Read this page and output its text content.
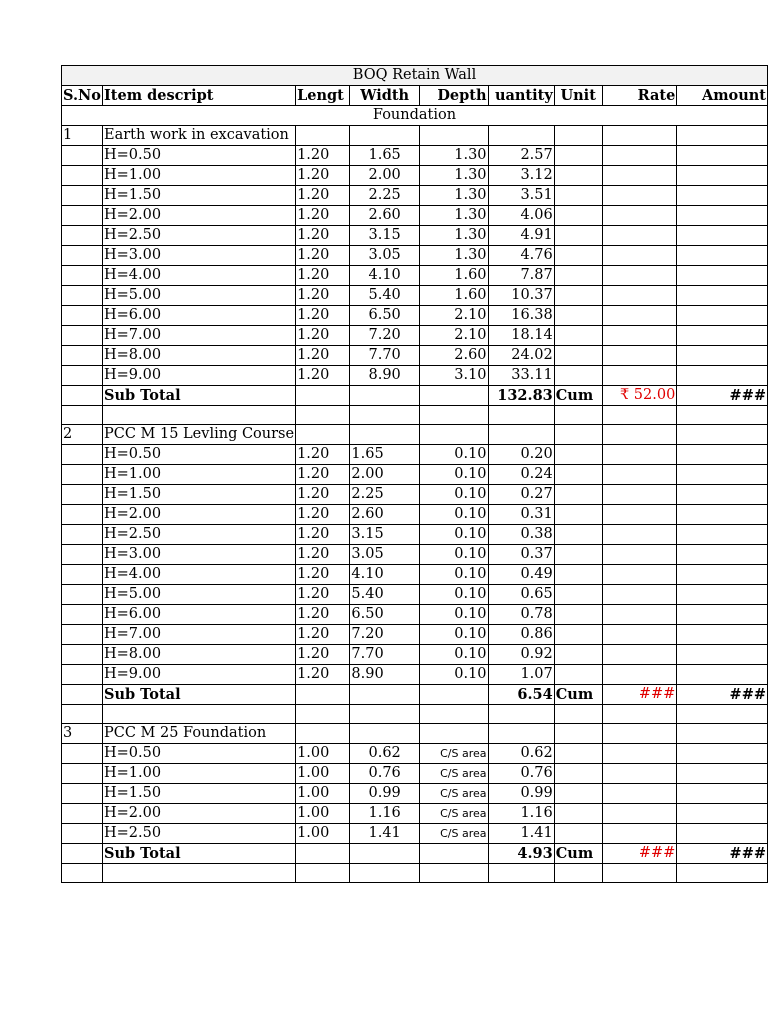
BOQ Retain Wall								
S.No	Item descript	Lengt	Width	Depth	uantity	Unit	Rate	Amount
Foundation								
1	Earth work in excavation							
	H=0.50	1.20	1.65	1.30	2.57			
	H=1.00	1.20	2.00	1.30	3.12			
	H=1.50	1.20	2.25	1.30	3.51			
	H=2.00	1.20	2.60	1.30	4.06			
	H=2.50	1.20	3.15	1.30	4.91			
	H=3.00	1.20	3.05	1.30	4.76			
	H=4.00	1.20	4.10	1.60	7.87			
	H=5.00	1.20	5.40	1.60	10.37			
	H=6.00	1.20	6.50	2.10	16.38			
	H=7.00	1.20	7.20	2.10	18.14			
	H=8.00	1.20	7.70	2.60	24.02			
	H=9.00	1.20	8.90	3.10	33.11			
	Sub Total				132.83	Cum	₹ 52.00	###

2	PCC M 15 Levling Course							
	H=0.50	1.20	1.65	0.10	0.20			
	H=1.00	1.20	2.00	0.10	0.24			
	H=1.50	1.20	2.25	0.10	0.27			
	H=2.00	1.20	2.60	0.10	0.31			
	H=2.50	1.20	3.15	0.10	0.38			
	H=3.00	1.20	3.05	0.10	0.37			
	H=4.00	1.20	4.10	0.10	0.49			
	H=5.00	1.20	5.40	0.10	0.65			
	H=6.00	1.20	6.50	0.10	0.78			
	H=7.00	1.20	7.20	0.10	0.86			
	H=8.00	1.20	7.70	0.10	0.92			
	H=9.00	1.20	8.90	0.10	1.07			
	Sub Total				6.54	Cum	###	###

3	PCC M 25 Foundation							
	H=0.50	1.00	0.62	C/S area	0.62			
	H=1.00	1.00	0.76	C/S area	0.76			
	H=1.50	1.00	0.99	C/S area	0.99			
	H=2.00	1.00	1.16	C/S area	1.16			
	H=2.50	1.00	1.41	C/S area	1.41			
	Sub Total				4.93	Cum	###	###
